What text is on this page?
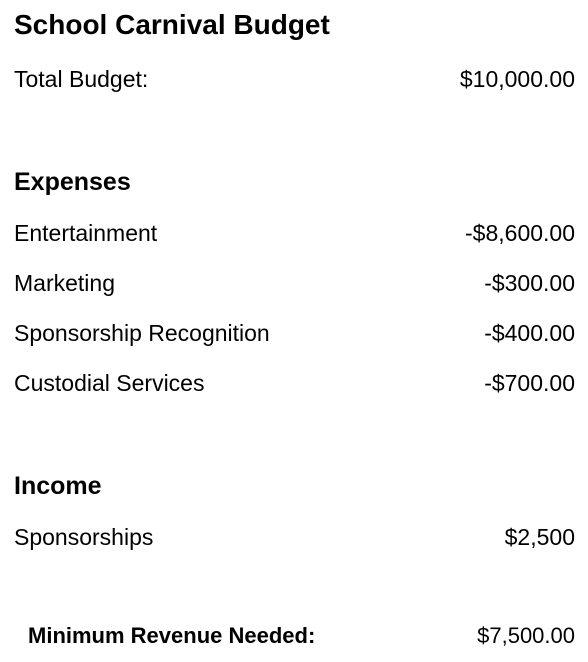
School Carnival Budget
Total Budget:	$10,000.00
Expenses
Entertainment	-$8,600.00
Marketing	-$300.00
Sponsorship Recognition	-$400.00
Custodial Services	-$700.00
Income
Sponsorships	$2,500
Minimum Revenue Needed:	$7,500.00
